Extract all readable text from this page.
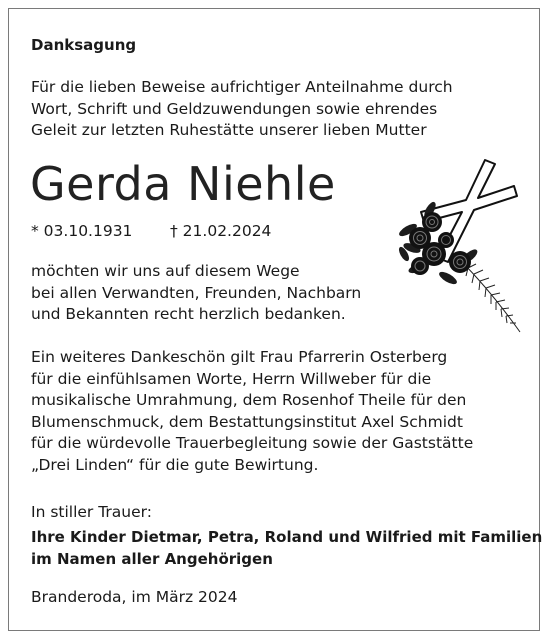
Danksagung
Für die lieben Beweise aufrichtiger Anteilnahme durch
Wort, Schrift und Geldzuwendungen sowie ehrendes
Geleit zur letzten Ruhestätte unserer lieben Mutter
Gerda Niehle
* 03.10.1931 † 21.02.2024
möchten wir uns auf diesem Wege
bei allen Verwandten, Freunden, Nachbarn
und Bekannten recht herzlich bedanken.
Ein weiteres Dankeschön gilt Frau Pfarrerin Osterberg
für die einfühlsamen Worte, Herrn Willweber für die
musikalische Umrahmung, dem Rosenhof Theile für den
Blumenschmuck, dem Bestattungsinstitut Axel Schmidt
für die würdevolle Trauerbegleitung sowie der Gaststätte
„Drei Linden“ für die gute Bewirtung.
In stiller Trauer:
Ihre Kinder Dietmar, Petra, Roland und Wilfried mit Familien
im Namen aller Angehörigen
Branderoda, im März 2024
